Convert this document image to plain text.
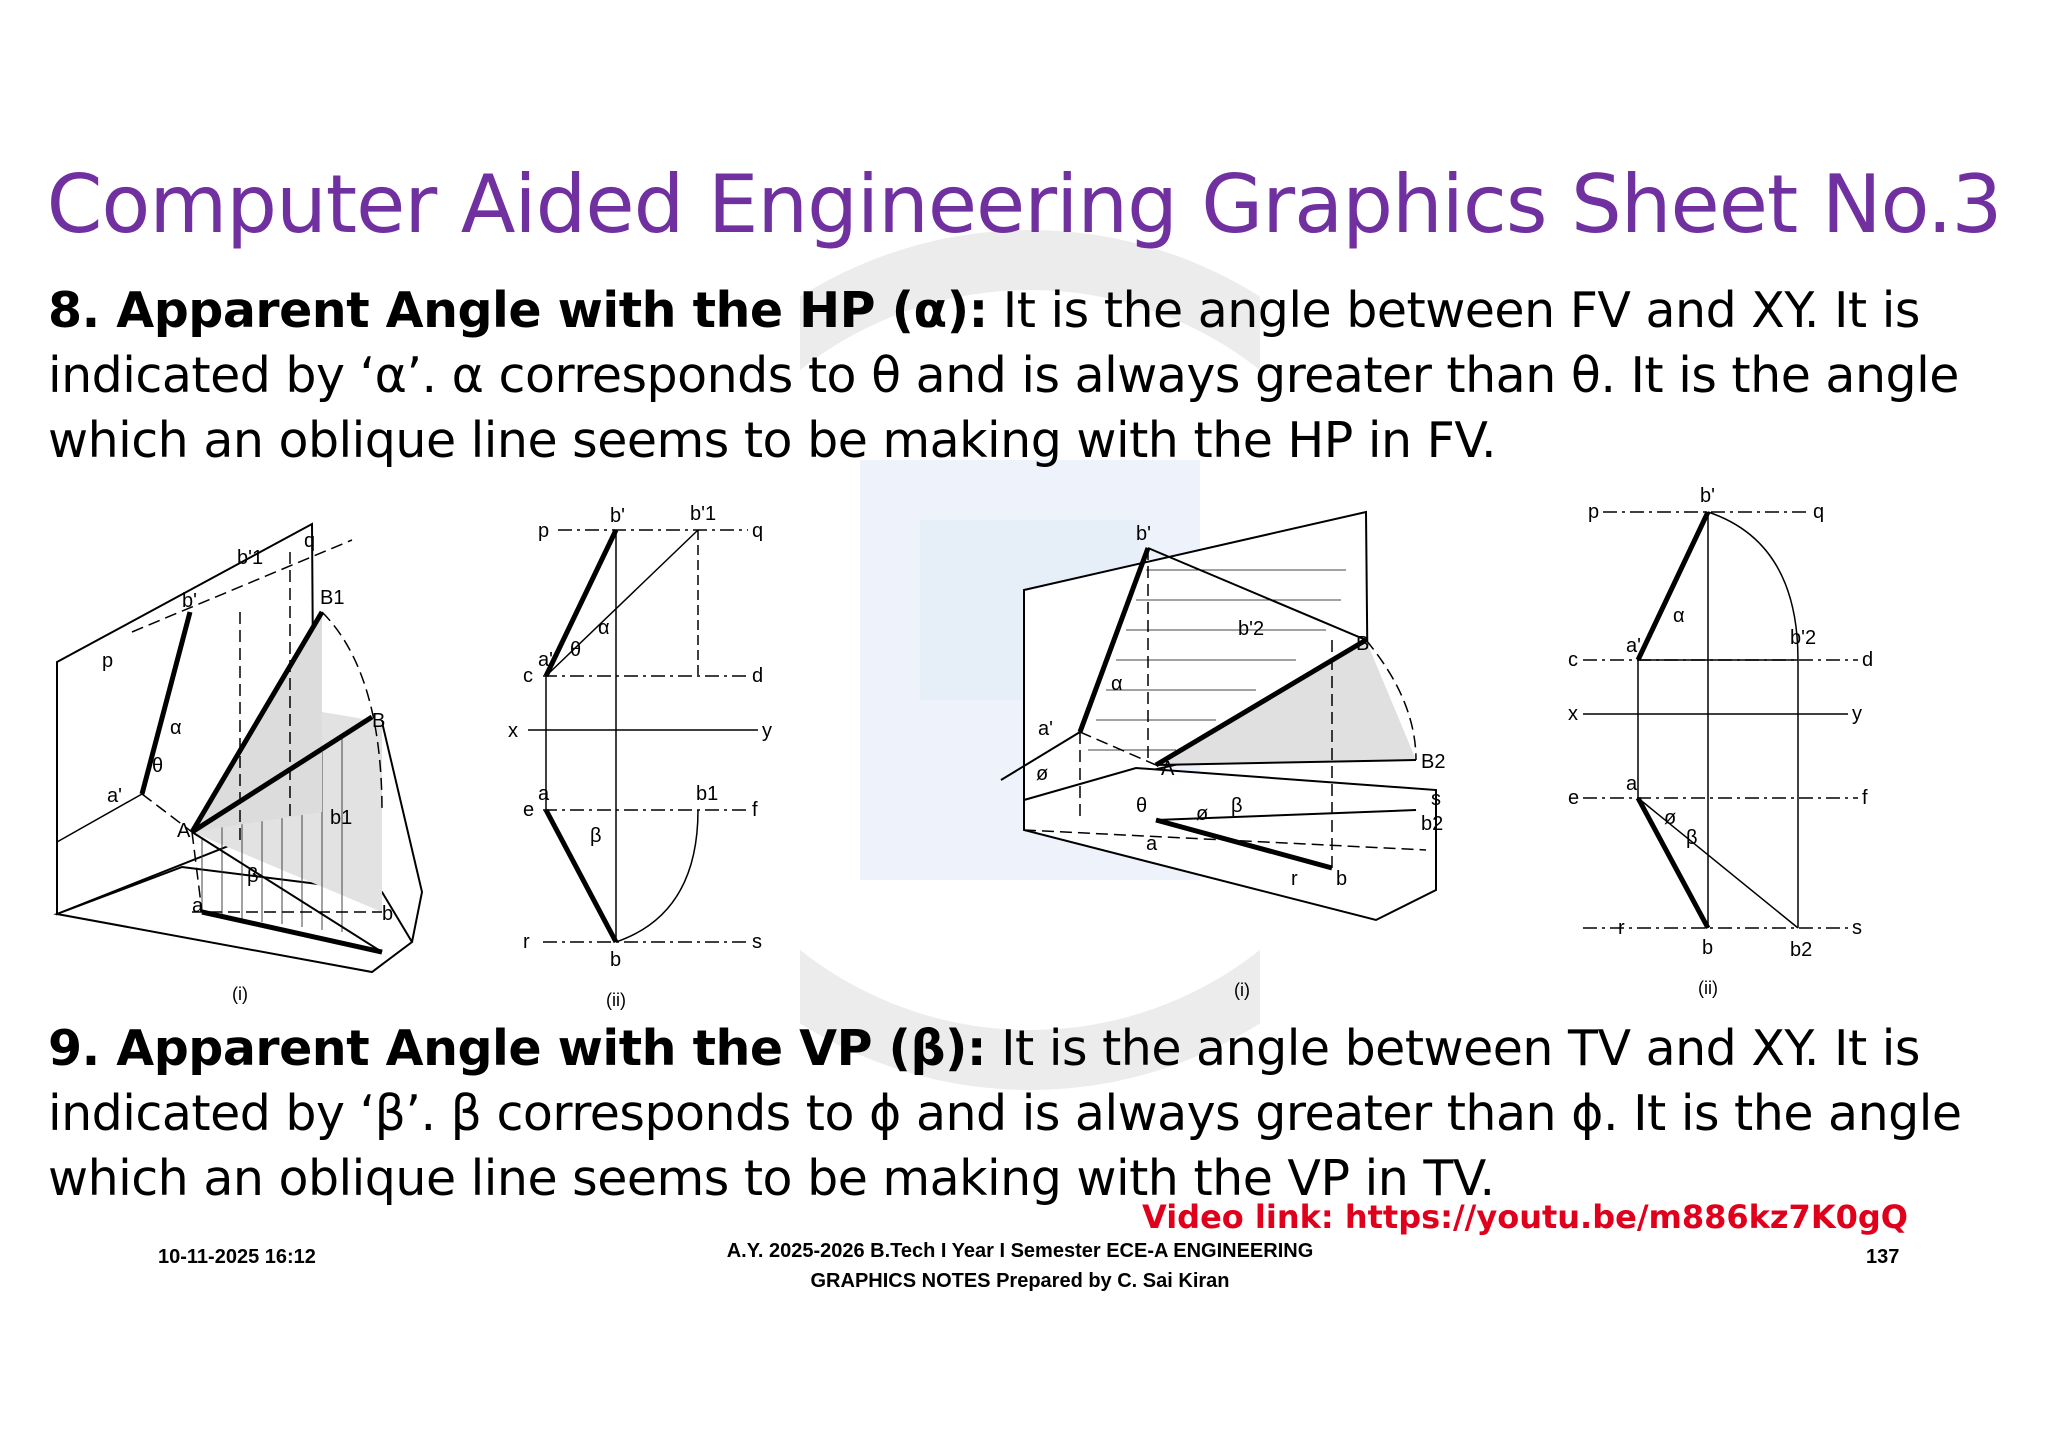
Computer Aided Engineering Graphics Sheet No.3
8. Apparent Angle with the HP (α): It is the angle between FV and XY. It is indicated by ‘α’. α corresponds to θ and is always greater than θ. It is the angle which an oblique line seems to be making with the HP in FV.
b'
b'1
B1
q
p
B
a'
A
a	b
b1
α
θ
β
(i)
p
b'	b'1
q
c
a'
d
x	y
e
a	b1
f
r
b
s
α
θ
β
(ii)
b'
b'2
B
B2
s
b2
b
r
a'
A
a
α
θ	β
ø
ø
(i)
p
b'
q
c
a'	b'2
d
x	y
e
a
f
r
b	b2
s
α
ø
β
(ii)
9. Apparent Angle with the VP (β): It is the angle between TV and XY. It is indicated by ‘β’. β corresponds to ϕ and is always greater than ϕ. It is the angle which an oblique line seems to be making with the VP in TV.
Video link: https://youtu.be/m886kz7K0gQ
10-11-2025 16:12	A.Y. 2025-2026 B.Tech I Year I Semester ECE-A ENGINEERING
GRAPHICS NOTES Prepared by C. Sai Kiran
137
